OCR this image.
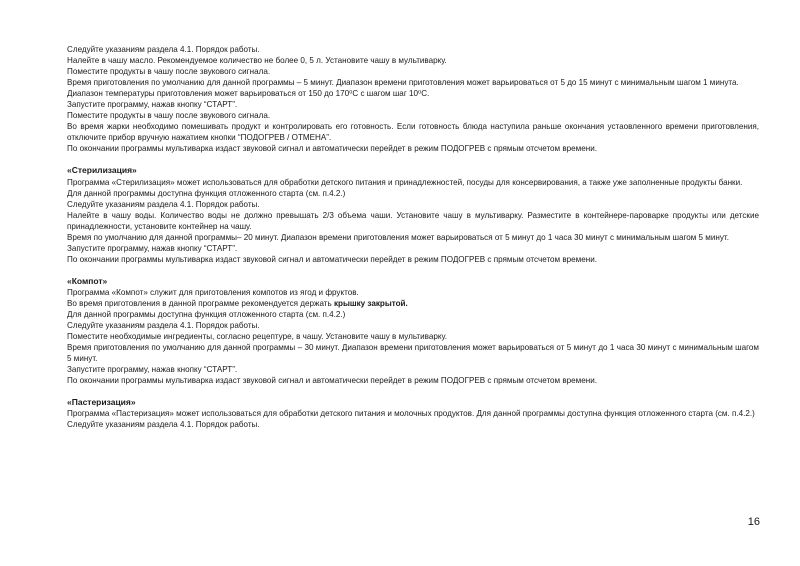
Следуйте указаниям раздела 4.1. Порядок работы.

Налейте в чашу масло. Рекомендуемое количество не более 0, 5 л. Установите чашу в мультиварку.

Поместите продукты в чашу после звукового сигнала.

Время приготовления по умолчанию для данной программы – 5 минут. Диапазон времени приготовления может варьироваться от 5 до 15 минут с минимальным шагом 1 минута.

Диапазон температуры приготовления может варьироваться от 150 до 170⁰С с шагом шаг 10⁰С.

Запустите программу, нажав кнопку “СТАРТ”.

Поместите продукты в чашу после звукового сигнала.

Во время жарки необходимо помешивать продукт и контролировать его готовность. Если готовность блюда наступила раньше окончания устаовленного времени приготовления, отключите прибор вручную нажатием кнопки “ПОДОГРЕВ / ОТМЕНА”.

По окончании программы мультиварка издаст звуковой сигнал и автоматически перейдет в режим ПОДОГРЕВ с прямым отсчетом времени.

«Стерилизация»

Программа «Стерилизация» может использоваться для обработки детского питания и принадлежностей, посуды для консервирования, а также уже заполненные продукты банки.

Для данной программы доступна функция отложенного старта (см. п.4.2.)

Следуйте указаниям раздела 4.1. Порядок работы.

Налейте в чашу воды. Количество воды не должно превышать 2/3 объема чаши. Установите чашу в мультиварку. Разместите в контейнере-пароварке продукты или детские принадлежности, установите контейнер на чашу.

Время по умолчанию для данной программы– 20 минут. Диапазон времени приготовления может варьироваться от 5 минут до 1 часа 30 минут с минимальным шагом 5 минут.

Запустите программу, нажав кнопку “СТАРТ”.

По окончании программы мультиварка издаст звуковой сигнал и автоматически перейдет в режим ПОДОГРЕВ с прямым отсчетом времени.

«Компот»

Программа «Компот» служит для приготовления компотов из ягод и фруктов.

Во время приготовления в данной программе рекомендуется держать крышку закрытой.

Для данной программы доступна функция отложенного старта (см. п.4.2.)

Следуйте указаниям раздела 4.1. Порядок работы.

Поместите необходимые ингредиенты, согласно рецептуре, в чашу. Установите чашу в мультиварку.

Время приготовления по умолчанию для данной программы – 30 минут. Диапазон времени приготовления может варьироваться от 5 минут до 1 часа 30 минут с минимальным шагом 5 минут.

Запустите программу, нажав кнопку “СТАРТ”.

По окончании программы мультиварка издаст звуковой сигнал и автоматически перейдет в режим ПОДОГРЕВ с прямым отсчетом времени.

«Пастеризация»

Программа «Пастеризация» может использоваться для обработки детского питания и молочных продуктов. Для данной программы доступна функция отложенного старта (см. п.4.2.)

Следуйте указаниям раздела 4.1. Порядок работы.

16
